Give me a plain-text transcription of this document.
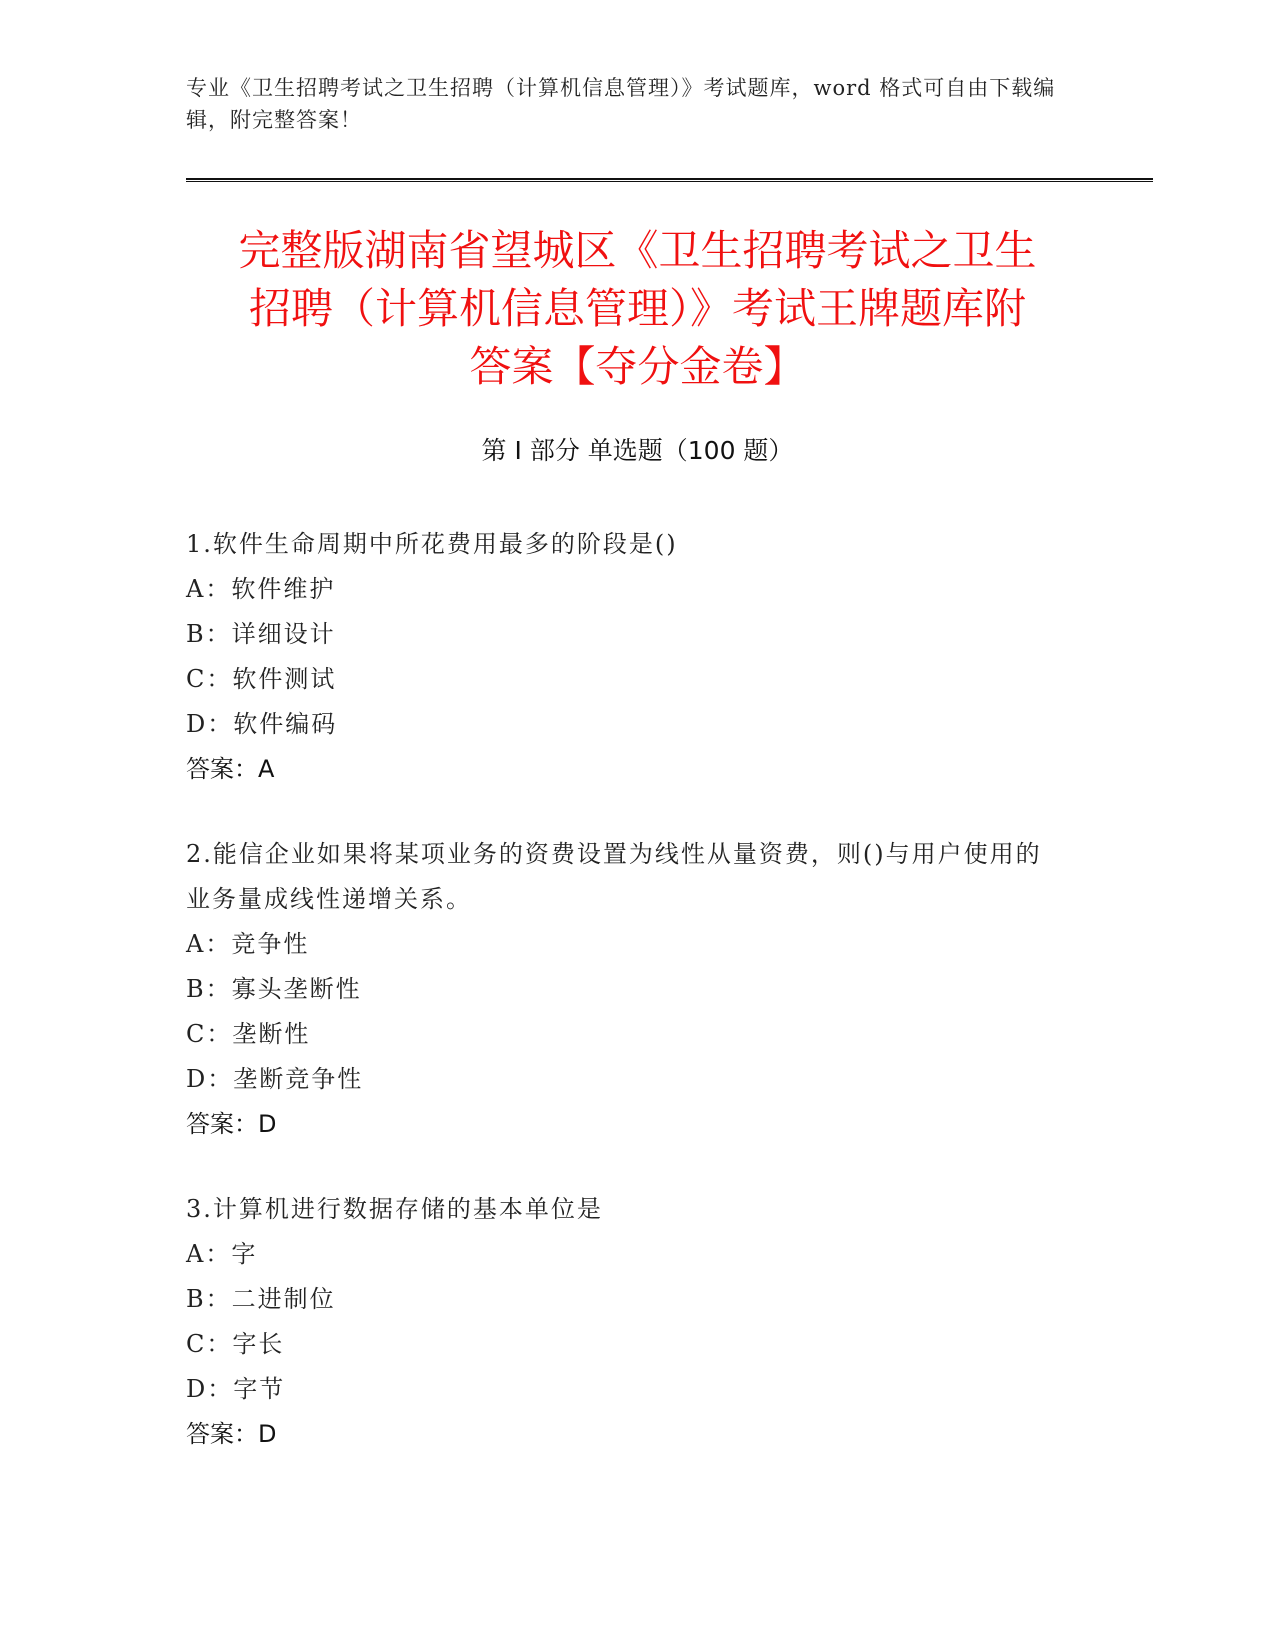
专业《卫生招聘考试之卫生招聘（计算机信息管理）》考试题库，word 格式可自由下载编辑，附完整答案！
完整版湖南省望城区《卫生招聘考试之卫生
招聘（计算机信息管理）》考试王牌题库附
答案【夺分金卷】
第 I 部分 单选题（100 题）
1.软件生命周期中所花费用最多的阶段是()
A：软件维护
B：详细设计
C：软件测试
D：软件编码
答案：A
2.能信企业如果将某项业务的资费设置为线性从量资费，则()与用户使用的业务量成线性递增关系。
A：竞争性
B：寡头垄断性
C：垄断性
D：垄断竞争性
答案：D
3.计算机进行数据存储的基本单位是
A：字
B：二进制位
C：字长
D：字节
答案：D
